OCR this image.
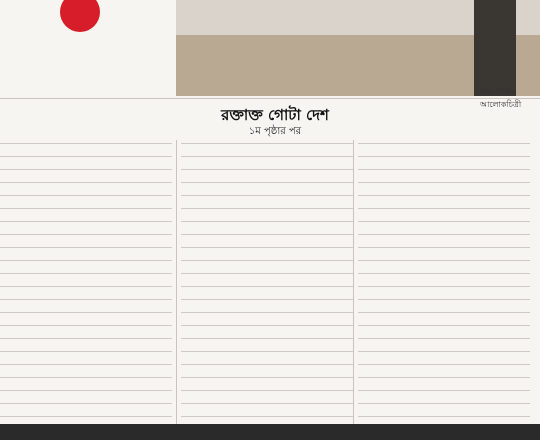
ছবি: নিজস্ব আলোকচিত্রী
রক্তাক্ত গোটা দেশ
১ম পৃষ্ঠার পর
